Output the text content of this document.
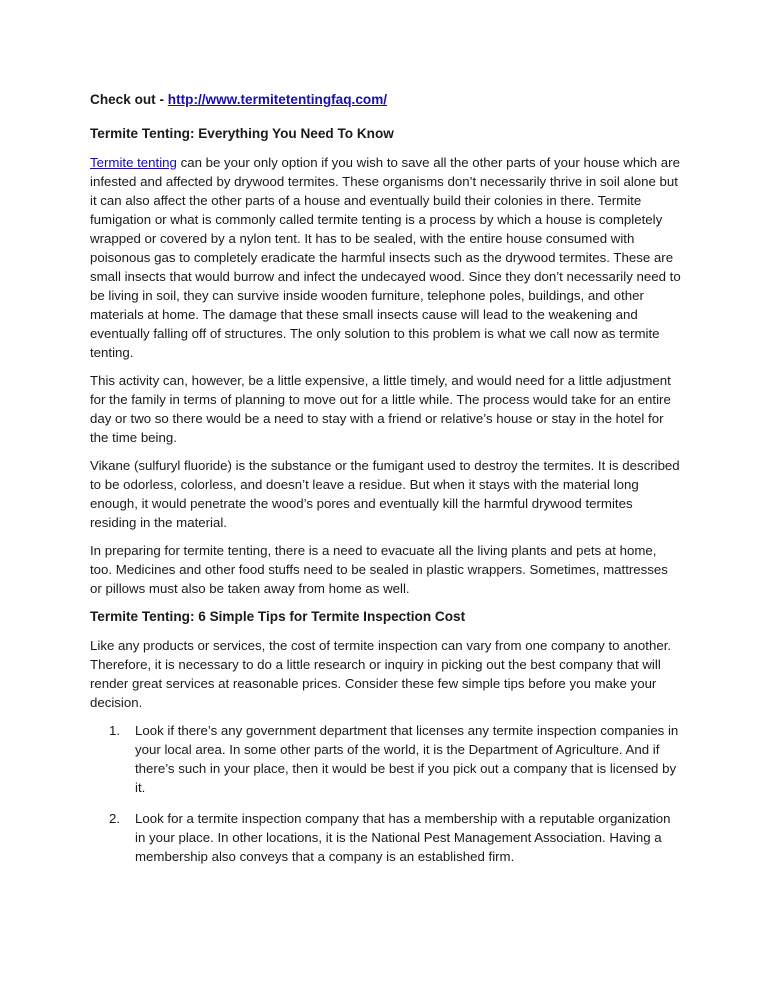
Check out - http://www.termitetentingfaq.com/
Termite Tenting: Everything You Need To Know

Termite tenting can be your only option if you wish to save all the other parts of your house which are infested and affected by drywood termites. These organisms don’t necessarily thrive in soil alone but it can also affect the other parts of a house and eventually build their colonies in there. Termite fumigation or what is commonly called termite tenting is a process by which a house is completely wrapped or covered by a nylon tent. It has to be sealed, with the entire house consumed with poisonous gas to completely eradicate the harmful insects such as the drywood termites. These are small insects that would burrow and infect the undecayed wood. Since they don’t necessarily need to be living in soil, they can survive inside wooden furniture, telephone poles, buildings, and other materials at home. The damage that these small insects cause will lead to the weakening and eventually falling off of structures. The only solution to this problem is what we call now as termite tenting.

This activity can, however, be a little expensive, a little timely, and would need for a little adjustment for the family in terms of planning to move out for a little while. The process would take for an entire day or two so there would be a need to stay with a friend or relative’s house or stay in the hotel for the time being.

Vikane (sulfuryl fluoride) is the substance or the fumigant used to destroy the termites. It is described to be odorless, colorless, and doesn’t leave a residue. But when it stays with the material long enough, it would penetrate the wood’s pores and eventually kill the harmful drywood termites residing in the material.

In preparing for termite tenting, there is a need to evacuate all the living plants and pets at home, too. Medicines and other food stuffs need to be sealed in plastic wrappers. Sometimes, mattresses or pillows must also be taken away from home as well.

Termite Tenting: 6 Simple Tips for Termite Inspection Cost

Like any products or services, the cost of termite inspection can vary from one company to another. Therefore, it is necessary to do a little research or inquiry in picking out the best company that will render great services at reasonable prices. Consider these few simple tips before you make your decision.

1. Look if there’s any government department that licenses any termite inspection companies in your local area. In some other parts of the world, it is the Department of Agriculture. And if there’s such in your place, then it would be best if you pick out a company that is licensed by it.
2. Look for a termite inspection company that has a membership with a reputable organization in your place. In other locations, it is the National Pest Management Association. Having a membership also conveys that a company is an established firm.
